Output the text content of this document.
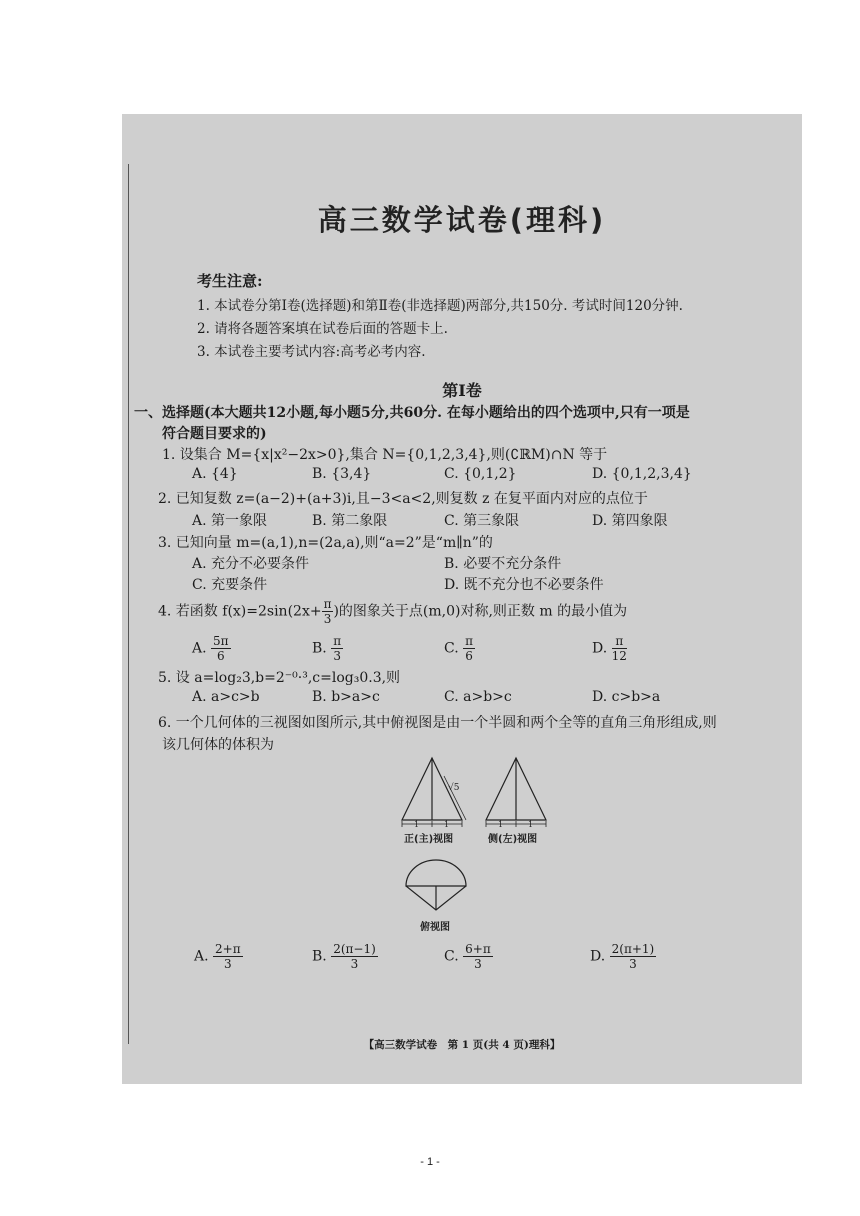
高三数学试卷(理科)
考生注意:
1. 本试卷分第Ⅰ卷(选择题)和第Ⅱ卷(非选择题)两部分,共150分. 考试时间120分钟.
2. 请将各题答案填在试卷后面的答题卡上.
3. 本试卷主要考试内容:高考必考内容.
第Ⅰ卷
一、选择题(本大题共12小题,每小题5分,共60分. 在每小题给出的四个选项中,只有一项是
符合题目要求的)
1. 设集合 M={x|x²−2x>0},集合 N={0,1,2,3,4},则(∁ℝM)∩N 等于
A. {4}	B. {3,4}	C. {0,1,2}	D. {0,1,2,3,4}
2. 已知复数 z=(a−2)+(a+3)i,且−3<a<2,则复数 z 在复平面内对应的点位于
A. 第一象限	B. 第二象限	C. 第三象限	D. 第四象限
3. 已知向量 m=(a,1),n=(2a,a),则“a=2”是“m∥n”的
A. 充分不必要条件	B. 必要不充分条件
C. 充要条件	D. 既不充分也不必要条件
4. 若函数 $f(x)=2\sin(2x+ \frac{\pi}{3}$ )的图象关于点(m,0)对称,则正数 m 的最小值为
A. $\frac{5\pi}{6}$	B. $\frac{\pi}{3}$	C. $\frac{\pi}{6}$	D. $\frac{\pi}{12}$
5. 设 a=log₂3,b=2⁻⁰·³,c=log₃0.3,则
A. a>c>b	B. b>a>c	C. a>b>c	D. c>b>a
6. 一个几何体的三视图如图所示,其中俯视图是由一个半圆和两个全等的直角三角形组成,则
该几何体的体积为
√5
1	1	1	1
正(主)视图	侧(左)视图
俯视图
A. $\frac{2+\pi}{3}$	B. $\frac{2(\pi-1)}{3}$	C. $\frac{6+\pi}{3}$	D. $\frac{2(\pi+1)}{3}$
【高三数学试卷　第 1 页(共 4 页)理科】
- 1 -
